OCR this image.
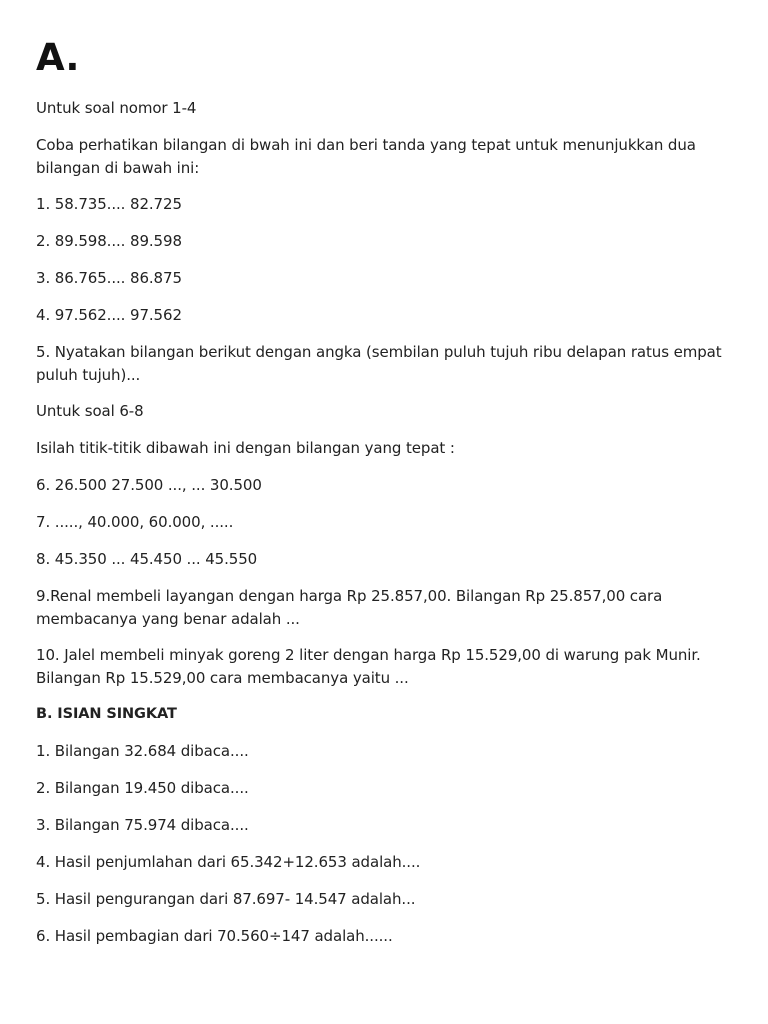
A.

Untuk soal nomor 1-4

Coba perhatikan bilangan di bwah ini dan beri tanda yang tepat untuk menunjukkan dua bilangan di bawah ini:

1. 58.735.... 82.725

2. 89.598.... 89.598

3. 86.765.... 86.875

4. 97.562.... 97.562

5. Nyatakan bilangan berikut dengan angka (sembilan puluh tujuh ribu delapan ratus empat puluh tujuh)...

Untuk soal 6-8

Isilah titik-titik dibawah ini dengan bilangan yang tepat :

6. 26.500 27.500 ..., ... 30.500

7. ....., 40.000, 60.000, .....

8. 45.350 ... 45.450 ... 45.550

9.Renal membeli layangan dengan harga Rp 25.857,00. Bilangan Rp 25.857,00 cara membacanya yang benar adalah ...

10. Jalel membeli minyak goreng 2 liter dengan harga Rp 15.529,00 di warung pak Munir. Bilangan Rp 15.529,00 cara membacanya yaitu ...

B. ISIAN SINGKAT

1. Bilangan 32.684 dibaca....

2. Bilangan 19.450 dibaca....

3. Bilangan 75.974 dibaca....

4. Hasil penjumlahan dari 65.342+12.653 adalah....

5. Hasil pengurangan dari 87.697- 14.547 adalah...

6. Hasil pembagian dari 70.560÷147 adalah......
